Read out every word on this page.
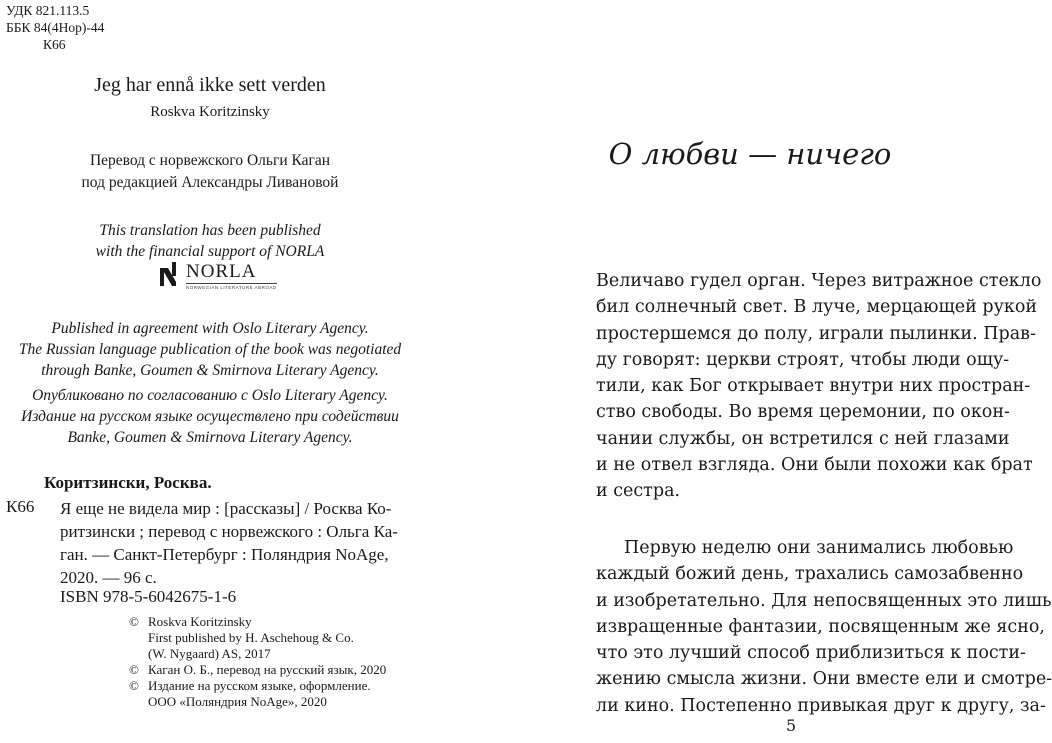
УДК 821.113.5
ББК 84(4Нор)-44
К66
Jeg har ennå ikke sett verden
Roskva Koritzinsky
Перевод с норвежского Ольги Каган
под редакцией Александры Ливановой
This translation has been published
with the financial support of NORLA
NORLA
NORWEGIAN LITERATURE ABROAD
Published in agreement with Oslo Literary Agency.
The Russian language publication of the book was negotiated
through Banke, Goumen & Smirnova Literary Agency.
Опубликовано по согласованию с Oslo Literary Agency.
Издание на русском языке осуществлено при содействии
Banke, Goumen & Smirnova Literary Agency.
Коритзински, Росква.
К66 Я еще не видела мир : [рассказы] / Росква Ко-
ритзински ; перевод с норвежского : Ольга Ка-
ган. — Санкт-Петербург : Поляндрия NoAge,
2020. — 96 с.
ISBN 978-5-6042675-1-6
© Roskva Koritzinsky
First published by H. Aschehoug & Co.
(W. Nygaard) AS, 2017
© Каган О. Б., перевод на русский язык, 2020
© Издание на русском языке, оформление.
ООО «Поляндрия NoAge», 2020
О любви — ничего
Величаво гудел орган. Через витражное стекло
бил солнечный свет. В луче, мерцающей рукой
простершемся до полу, играли пылинки. Прав-
ду говорят: церкви строят, чтобы люди ощу-
тили, как Бог открывает внутри них простран-
ство свободы. Во время церемонии, по окон-
чании службы, он встретился с ней глазами
и не отвел взгляда. Они были похожи как брат
и сестра.
Первую неделю они занимались любовью
каждый божий день, трахались самозабвенно
и изобретательно. Для непосвященных это лишь
извращенные фантазии, посвященным же ясно,
что это лучший способ приблизиться к пости-
жению смысла жизни. Они вместе ели и смотре-
ли кино. Постепенно привыкая друг к другу, за-
5
